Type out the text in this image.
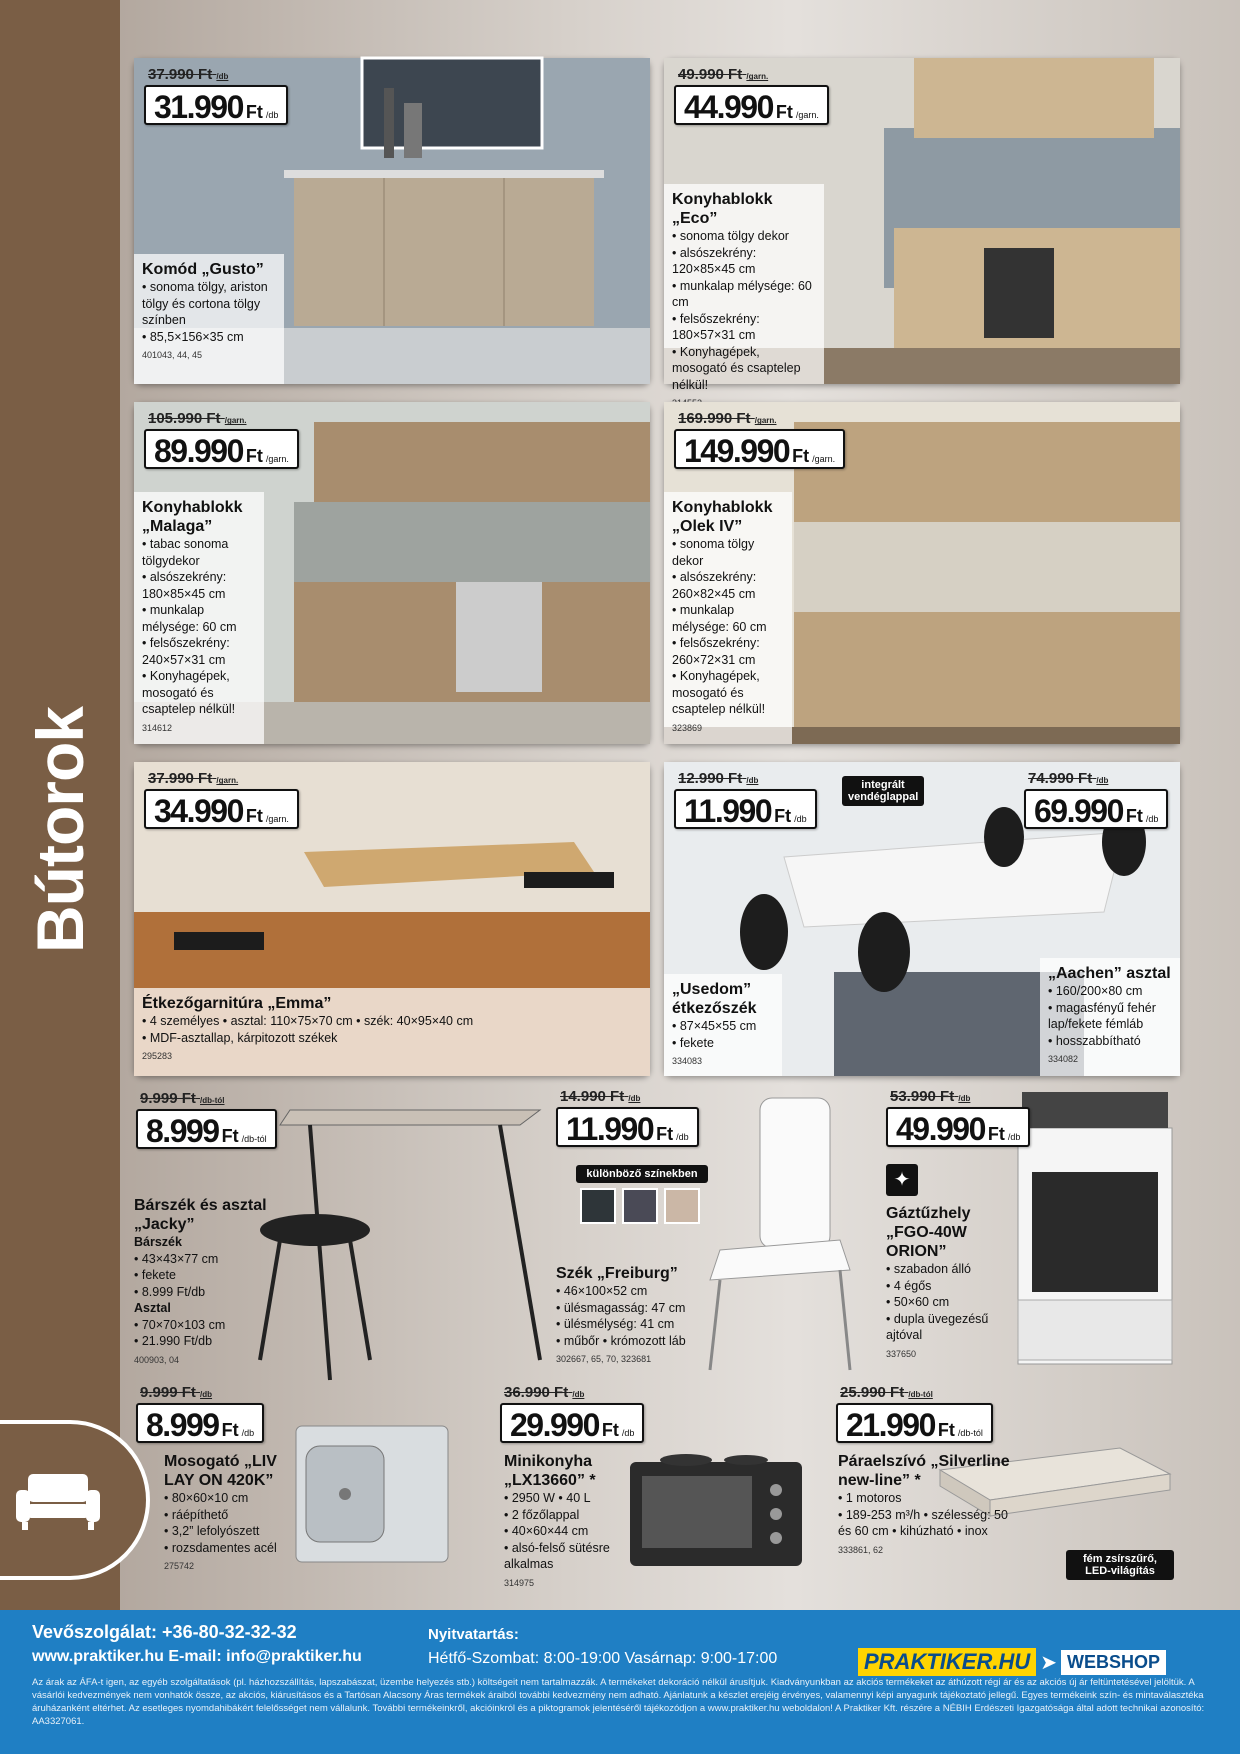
Bútorok
37.990 Ft /db
31.990 Ft /db
Komód „Gusto”
• sonoma tölgy, ariston tölgy és cortona tölgy színben
• 85,5×156×35 cm
401043, 44, 45
49.990 Ft /garn.
44.990 Ft /garn.
Konyhablokk „Eco”
• sonoma tölgy dekor
• alsószekrény: 120×85×45 cm
• munkalap mélysége: 60 cm
• felsőszekrény: 180×57×31 cm
• Konyhagépek, mosogató és csaptelep nélkül!
105.990 Ft /garn.
89.990 Ft /garn.
Konyhablokk „Malaga”
• tabac sonoma tölgydekor
• alsószekrény: 180×85×45 cm
• munkalap mélysége: 60 cm
• felsőszekrény: 240×57×31 cm
• Konyhagépek, mosogató és csaptelep nélkül!
314612
169.990 Ft /garn.
149.990 Ft /garn.
Konyhablokk „Olek IV”
• sonoma tölgy dekor
• alsószekrény: 260×82×45 cm
• munkalap mélysége: 60 cm
• felsőszekrény: 260×72×31 cm
• Konyhagépek, mosogató és csaptelep nélkül!
323869
37.990 Ft /garn.
34.990 Ft /garn.
Étkezőgarnitúra „Emma”
• 4 személyes • asztal: 110×75×70 cm • szék: 40×95×40 cm
• MDF-asztallap, kárpitozott székek
295283
12.990 Ft /db
11.990 Ft /db
integrált vendéglappal
74.990 Ft /db
69.990 Ft /db
„Usedom” étkezőszék
• 87×45×55 cm
• fekete
334083
„Aachen” asztal
• 160/200×80 cm
• magasfényű fehér lap/fekete fémláb
• hosszabbítható
334082
9.999 Ft /db-tól
8.999 Ft /db-tól
Bárszék és asztal „Jacky”
Bárszék
• 43×43×77 cm
• fekete
• 8.999 Ft/db
Asztal
• 70×70×103 cm
• 21.990 Ft/db
400903, 04
14.990 Ft /db
11.990 Ft /db
különböző színekben
Szék „Freiburg”
• 46×100×52 cm
• ülésmagasság: 47 cm
• ülésmélység: 41 cm
• műbőr • krómozott láb
302667, 65, 70, 323681
53.990 Ft /db
49.990 Ft /db
✦
Gáztűzhely „FGO-40W ORION”
• szabadon álló
• 4 égős
• 50×60 cm
• dupla üvegezésű ajtóval
337650
9.999 Ft /db
8.999 Ft /db
Mosogató „LIV LAY ON 420K”
• 80×60×10 cm
• ráépíthető
• 3,2” lefolyószett
• rozsdamentes acél
275742
36.990 Ft /db
29.990 Ft /db
Minikonyha „LX13660” *
• 2950 W • 40 L
• 2 főzőlappal
• 40×60×44 cm
• alsó-felső sütésre alkalmas
314975
25.990 Ft /db-tól
21.990 Ft /db-tól
Páraelszívó „Silverline new-line” *
• 1 motoros
• 189-253 m³/h • szélesség: 50 és 60 cm • kihúzható • inox
333861, 62
fém zsírszűrő, LED-világítás
Vevőszolgálat: +36-80-32-32-32
www.praktiker.hu E-mail: info@praktiker.hu
Nyitvatartás:
Hétfő-Szombat: 8:00-19:00 Vasárnap: 9:00-17:00	PRAKTIKER.HU ➤ WEBSHOP
Az árak az ÁFA-t igen, az egyéb szolgáltatások (pl. házhozszállítás, lapszabászat, üzembe helyezés stb.) költségeit nem tartalmazzák. A termékeket dekoráció nélkül árusítjuk. Kiadványunkban az akciós termékeket az áthúzott régi ár és az akciós új ár feltüntetésével jelöltük. A vásárlói kedvezmények nem vonhatók össze, az akciós, kiárusításos és a Tartósan Alacsony Áras termékek áraiból további kedvezmény nem adható. Ajánlatunk a készlet erejéig érvényes, valamennyi képi anyagunk tájékoztató jellegű. Egyes termékeink szín- és mintaválasztéka áruházanként eltérhet. Az esetleges nyomdahibákért felelősséget nem vállalunk. További termékeinkről, akcióinkról és a piktogramok jelentéséről tájékozódjon a www.praktiker.hu weboldalon! A Praktiker Kft. részére a NÉBIH Erdészeti Igazgatósága által adott technikai azonosító: AA3327061.
